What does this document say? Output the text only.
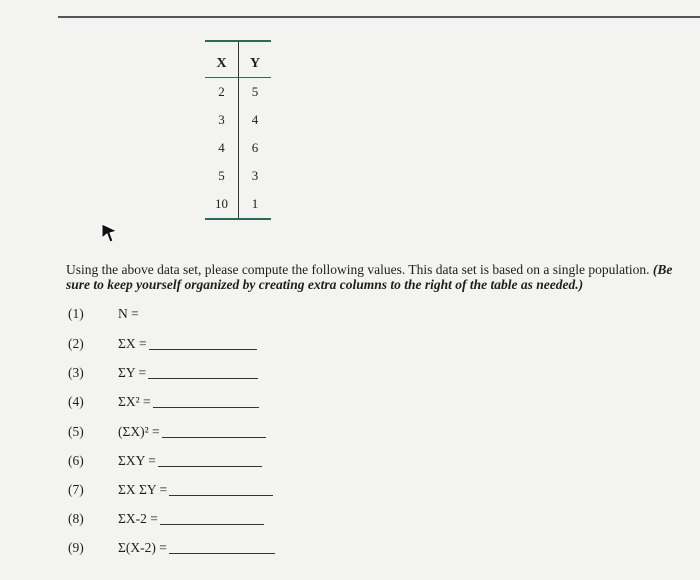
X	Y
2	5
3	4
4	6
5	3
10	1
Using the above data set, please compute the following values. This data set is based on a single population. (Be sure to keep yourself organized by creating extra columns to the right of the table as needed.)
(1)	N =
(2)	ΣX =
(3)	ΣY =
(4)	ΣX² =
(5)	(ΣX)² =
(6)	ΣXY =
(7)	ΣX ΣY =
(8)	ΣX-2 =
(9)	Σ(X-2) =
